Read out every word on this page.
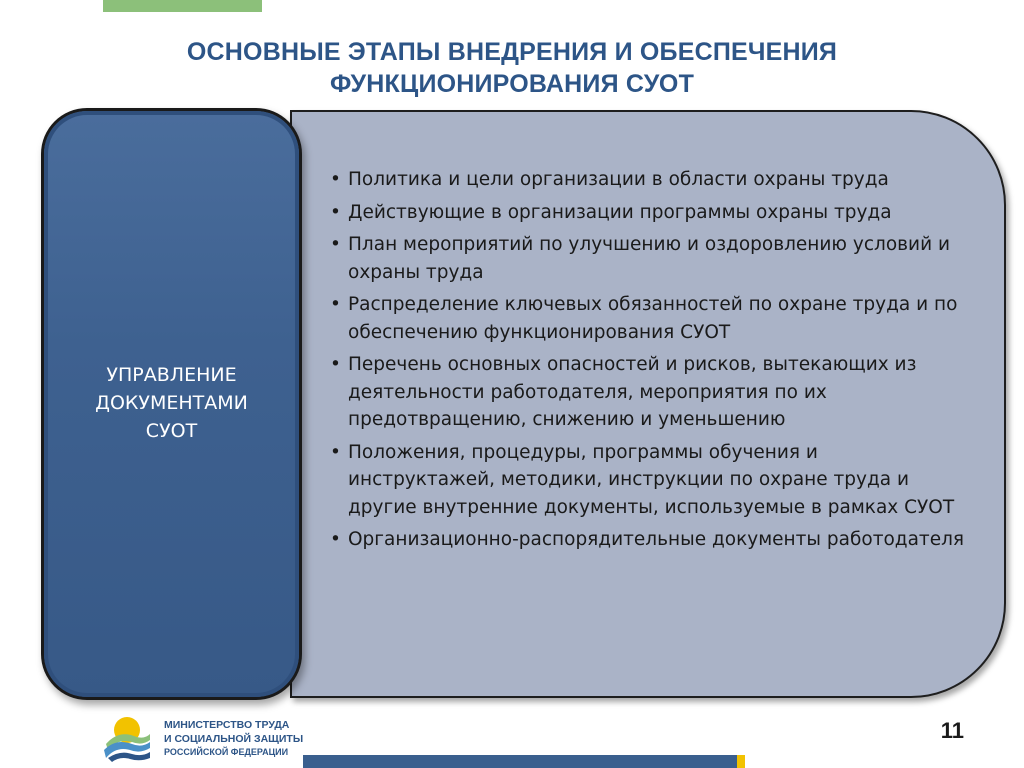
ОСНОВНЫЕ ЭТАПЫ ВНЕДРЕНИЯ И ОБЕСПЕЧЕНИЯ
ФУНКЦИОНИРОВАНИЯ СУОТ
• Политика и цели организации в области охраны труда
• Действующие в организации программы охраны труда
• План мероприятий по улучшению и оздоровлению условий и охраны труда
• Распределение ключевых обязанностей по охране труда и по обеспечению функционирования СУОТ
• Перечень основных опасностей и рисков, вытекающих из деятельности работодателя, мероприятия по их предотвращению, снижению и уменьшению
• Положения, процедуры, программы обучения и инструктажей, методики, инструкции по охране труда и другие внутренние документы, используемые в рамках СУОТ
• Организационно-распорядительные документы работодателя
УПРАВЛЕНИЕ
ДОКУМЕНТАМИ
СУОТ
МИНИСТЕРСТВО ТРУДА
И СОЦИАЛЬНОЙ ЗАЩИТЫ
РОССИЙСКОЙ ФЕДЕРАЦИИ
11
